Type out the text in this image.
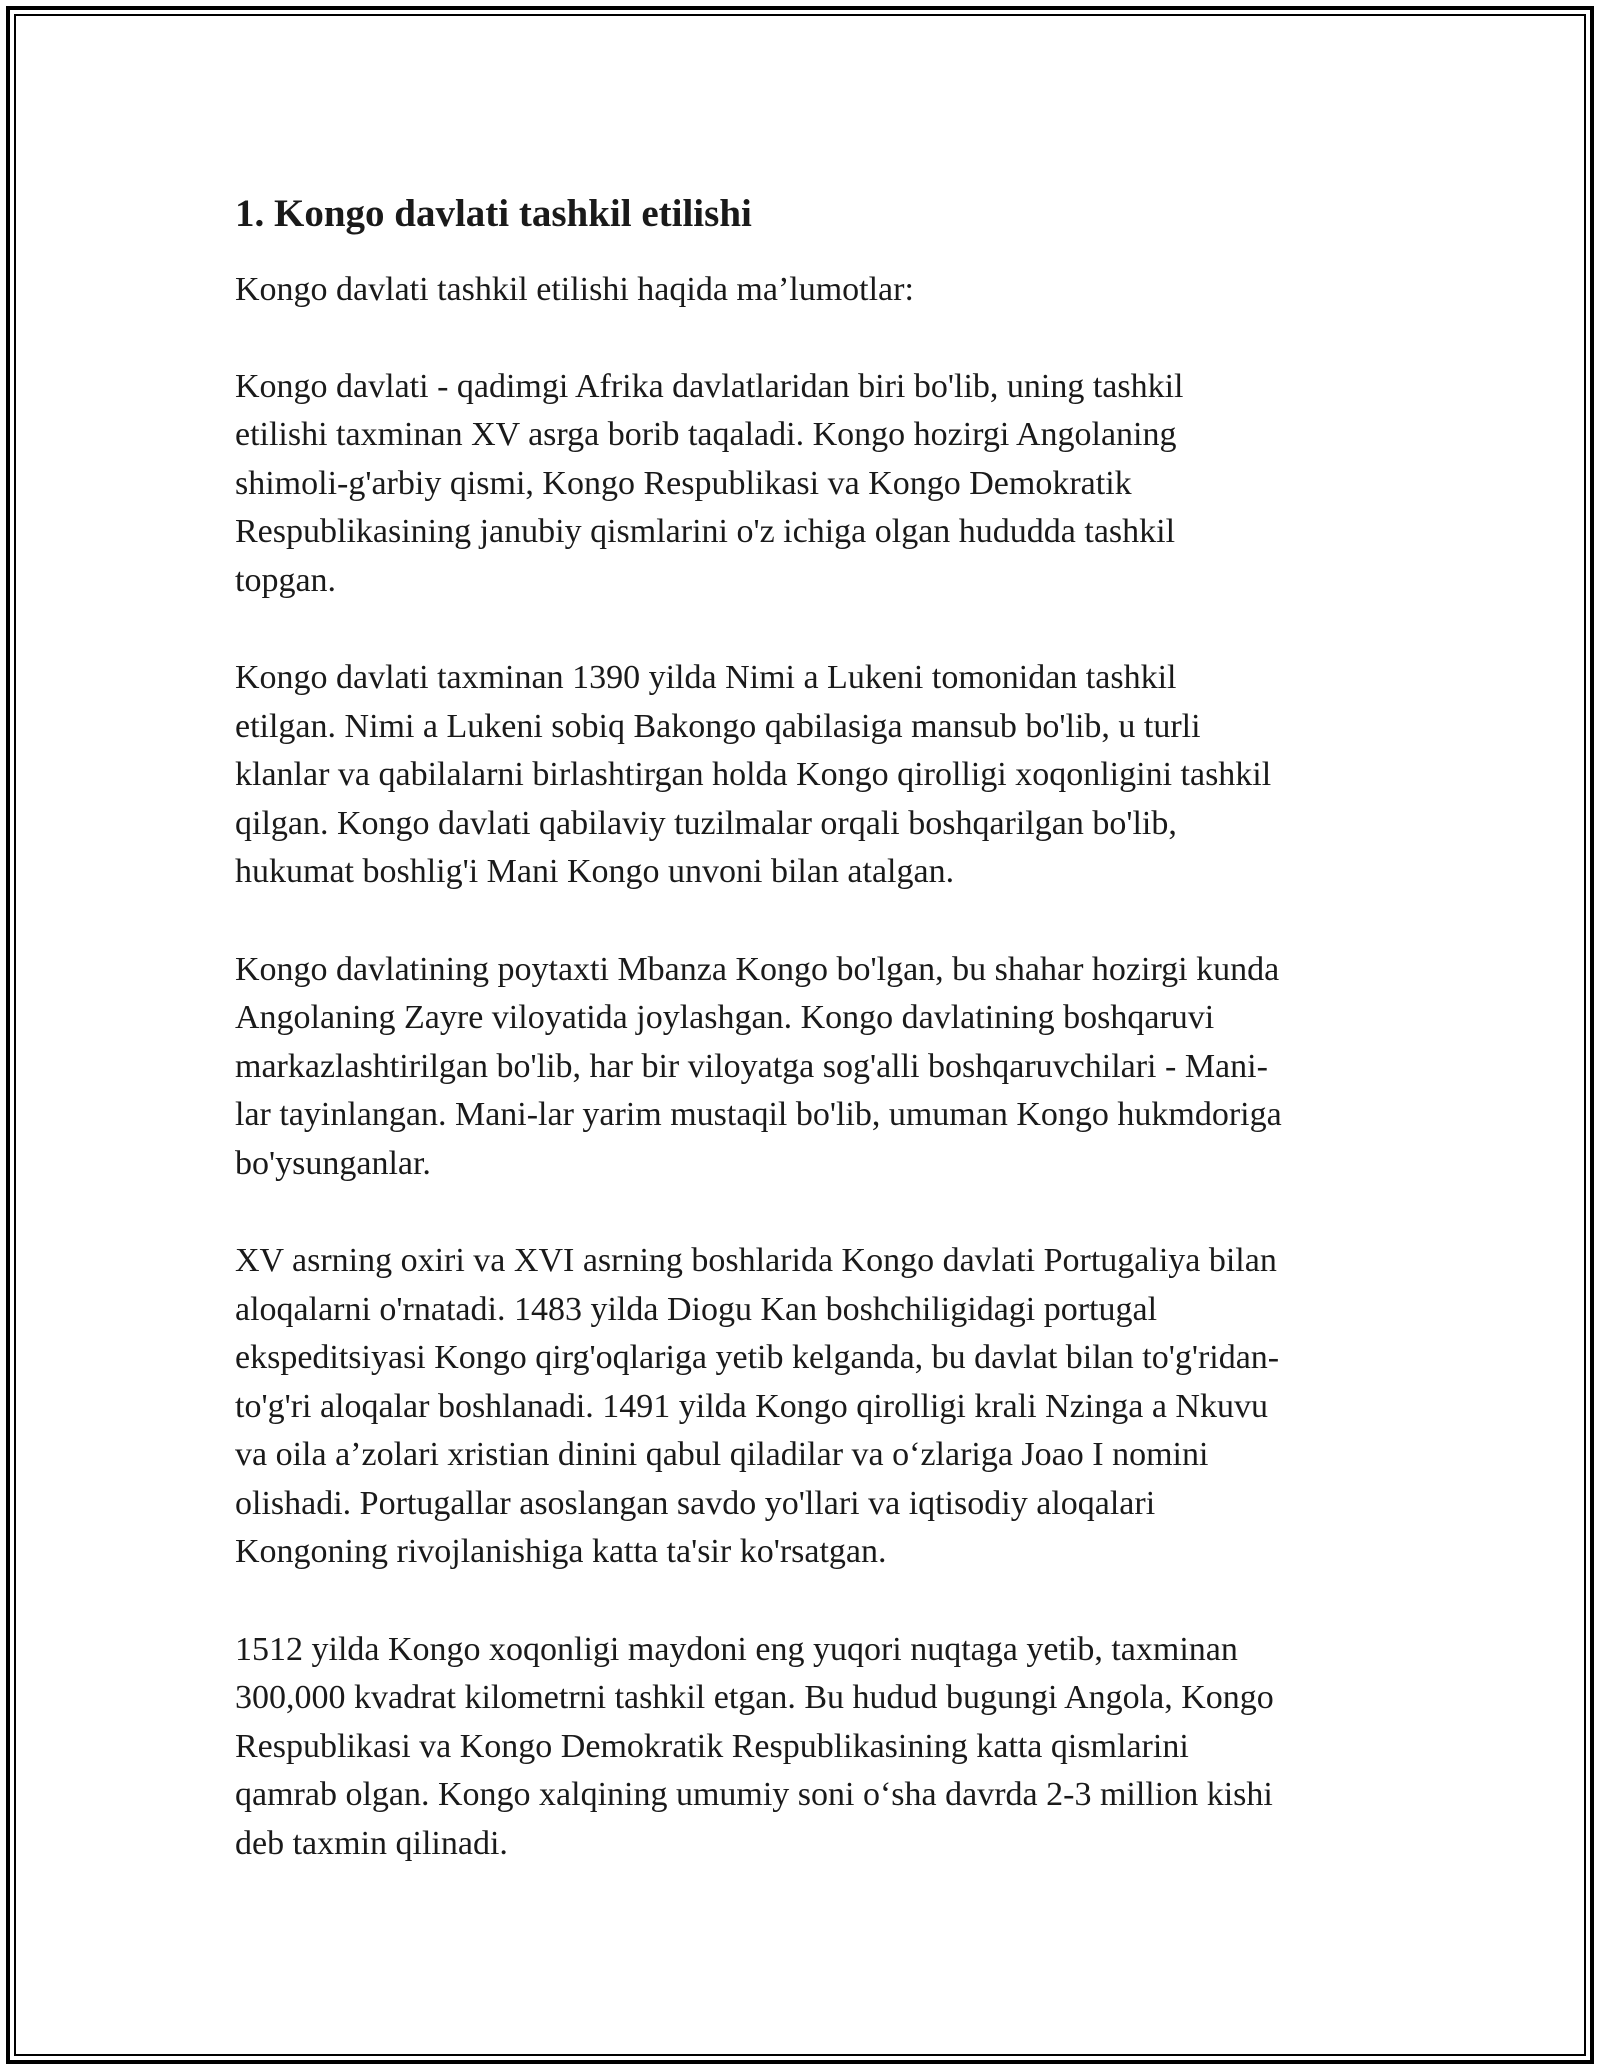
1. Kongo davlati tashkil etilishi

Kongo davlati tashkil etilishi haqida ma’lumotlar:

Kongo davlati - qadimgi Afrika davlatlaridan biri bo'lib, uning tashkil
etilishi taxminan XV asrga borib taqaladi. Kongo hozirgi Angolaning
shimoli-g'arbiy qismi, Kongo Respublikasi va Kongo Demokratik
Respublikasining janubiy qismlarini o'z ichiga olgan hududda tashkil
topgan.

Kongo davlati taxminan 1390 yilda Nimi a Lukeni tomonidan tashkil
etilgan. Nimi a Lukeni sobiq Bakongo qabilasiga mansub bo'lib, u turli
klanlar va qabilalarni birlashtirgan holda Kongo qirolligi xoqonligini tashkil
qilgan. Kongo davlati qabilaviy tuzilmalar orqali boshqarilgan bo'lib,
hukumat boshlig'i Mani Kongo unvoni bilan atalgan.

Kongo davlatining poytaxti Mbanza Kongo bo'lgan, bu shahar hozirgi kunda
Angolaning Zayre viloyatida joylashgan. Kongo davlatining boshqaruvi
markazlashtirilgan bo'lib, har bir viloyatga sog'alli boshqaruvchilari - Mani-
lar tayinlangan. Mani-lar yarim mustaqil bo'lib, umuman Kongo hukmdoriga
bo'ysunganlar.

XV asrning oxiri va XVI asrning boshlarida Kongo davlati Portugaliya bilan
aloqalarni o'rnatadi. 1483 yilda Diogu Kan boshchiligidagi portugal
ekspeditsiyasi Kongo qirg'oqlariga yetib kelganda, bu davlat bilan to'g'ridan-
to'g'ri aloqalar boshlanadi. 1491 yilda Kongo qirolligi krali Nzinga a Nkuvu
va oila a’zolari xristian dinini qabul qiladilar va o‘zlariga Joao I nomini
olishadi. Portugallar asoslangan savdo yo'llari va iqtisodiy aloqalari
Kongoning rivojlanishiga katta ta'sir ko'rsatgan.

1512 yilda Kongo xoqonligi maydoni eng yuqori nuqtaga yetib, taxminan
300,000 kvadrat kilometrni tashkil etgan. Bu hudud bugungi Angola, Kongo
Respublikasi va Kongo Demokratik Respublikasining katta qismlarini
qamrab olgan. Kongo xalqining umumiy soni o‘sha davrda 2-3 million kishi
deb taxmin qilinadi.
